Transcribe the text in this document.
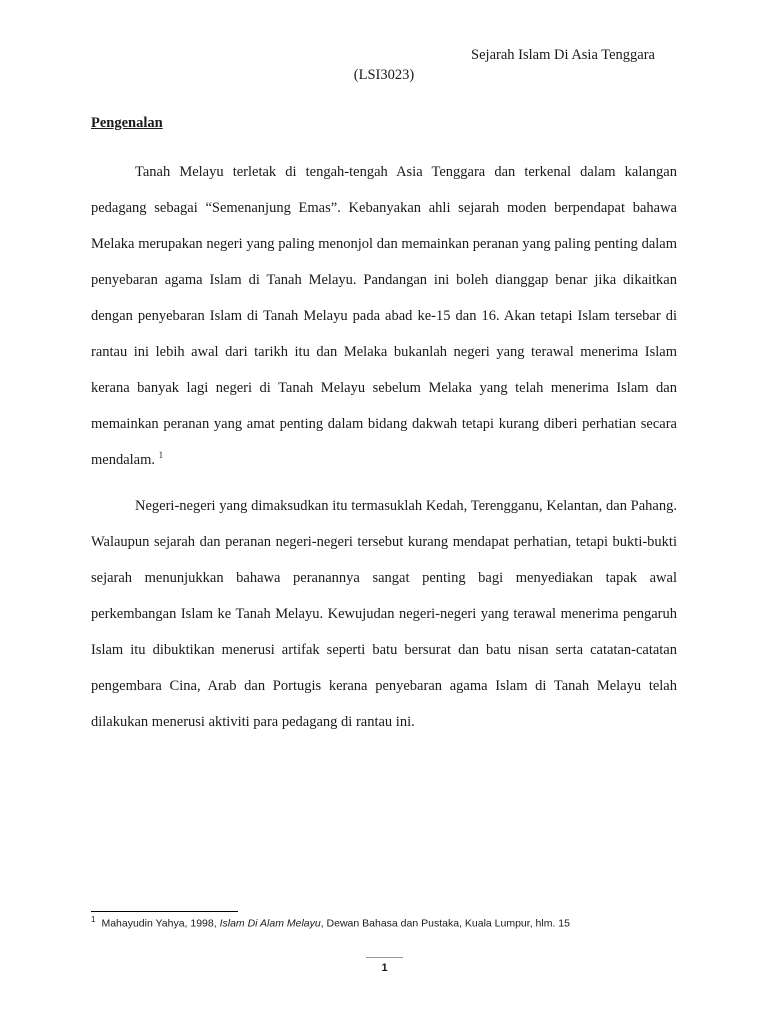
Sejarah Islam Di Asia Tenggara
(LSI3023)
Pengenalan

Tanah Melayu terletak di tengah-tengah Asia Tenggara dan terkenal dalam kalangan pedagang sebagai “Semenanjung Emas”. Kebanyakan ahli sejarah moden berpendapat bahawa Melaka merupakan negeri yang paling menonjol dan memainkan peranan yang paling penting dalam penyebaran agama Islam di Tanah Melayu. Pandangan ini boleh dianggap benar jika dikaitkan dengan penyebaran Islam di Tanah Melayu pada abad ke-15 dan 16. Akan tetapi Islam tersebar di rantau ini lebih awal dari tarikh itu dan Melaka bukanlah negeri yang terawal menerima Islam kerana banyak lagi negeri di Tanah Melayu sebelum Melaka yang telah menerima Islam dan memainkan peranan yang amat penting dalam bidang dakwah tetapi kurang diberi perhatian secara mendalam. $^1$

Negeri-negeri yang dimaksudkan itu termasuklah Kedah, Terengganu, Kelantan, dan Pahang. Walaupun sejarah dan peranan negeri-negeri tersebut kurang mendapat perhatian, tetapi bukti-bukti sejarah menunjukkan bahawa peranannya sangat penting bagi menyediakan tapak awal perkembangan Islam ke Tanah Melayu. Kewujudan negeri-negeri yang terawal menerima pengaruh Islam itu dibuktikan menerusi artifak seperti batu bersurat dan batu nisan serta catatan-catatan pengembara Cina, Arab dan Portugis kerana penyebaran agama Islam di Tanah Melayu telah dilakukan menerusi aktiviti para pedagang di rantau ini.

$^1$ Mahayudin Yahya, 1998, Islam Di Alam Melayu, Dewan Bahasa dan Pustaka, Kuala Lumpur, hlm. 15
1
